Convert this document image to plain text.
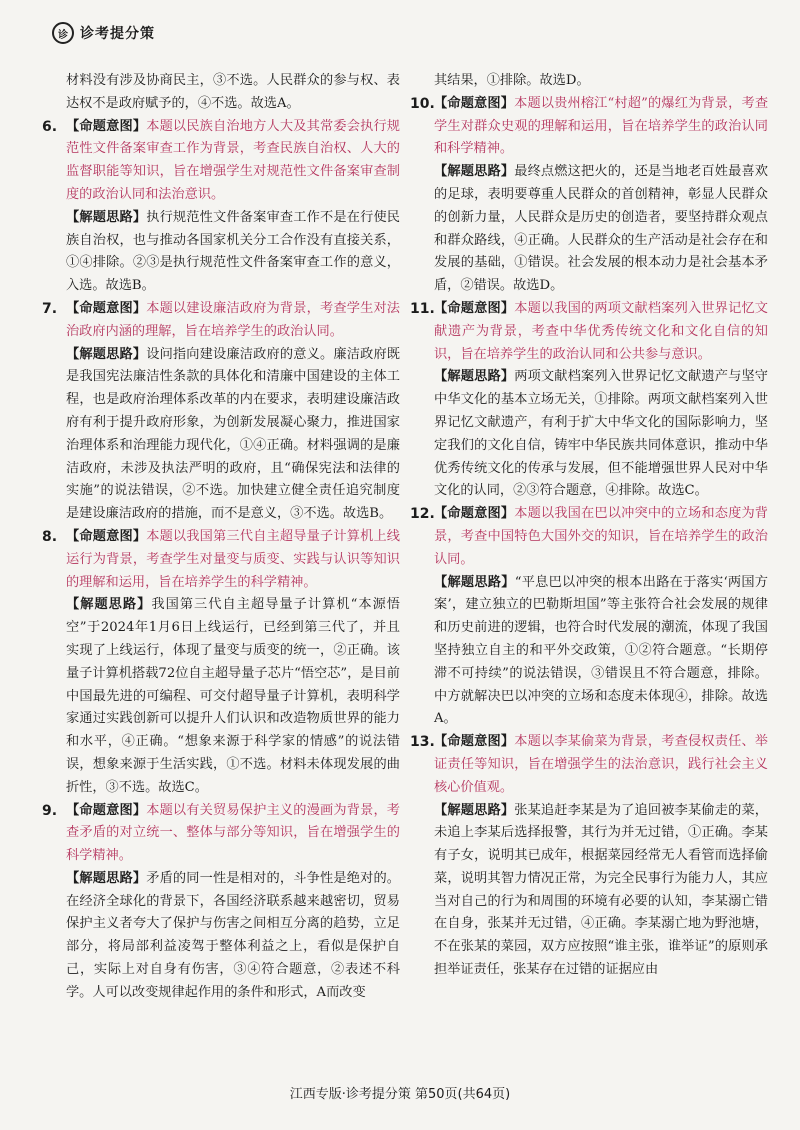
诊 诊考提分策

材料没有涉及协商民主，③不选。人民群众的参与权、表达权不是政府赋予的，④不选。故选A。

6. 【命题意图】本题以民族自治地方人大及其常委会执行规范性文件备案审查工作为背景，考查民族自治权、人大的监督职能等知识，旨在增强学生对规范性文件备案审查制度的政治认同和法治意识。

【解题思路】执行规范性文件备案审查工作不是在行使民族自治权，也与推动各国家机关分工合作没有直接关系，①④排除。②③是执行规范性文件备案审查工作的意义，入选。故选B。

7. 【命题意图】本题以建设廉洁政府为背景，考查学生对法治政府内涵的理解，旨在培养学生的政治认同。

【解题思路】设问指向建设廉洁政府的意义。廉洁政府既是我国宪法廉洁性条款的具体化和清廉中国建设的主体工程，也是政府治理体系改革的内在要求，表明建设廉洁政府有利于提升政府形象，为创新发展凝心聚力，推进国家治理体系和治理能力现代化，①④正确。材料强调的是廉洁政府，未涉及执法严明的政府，且“确保宪法和法律的实施”的说法错误，②不选。加快建立健全责任追究制度是建设廉洁政府的措施，而不是意义，③不选。故选B。

8. 【命题意图】本题以我国第三代自主超导量子计算机上线运行为背景，考查学生对量变与质变、实践与认识等知识的理解和运用，旨在培养学生的科学精神。

【解题思路】我国第三代自主超导量子计算机“本源悟空”于2024年1月6日上线运行，已经到第三代了，并且实现了上线运行，体现了量变与质变的统一，②正确。该量子计算机搭载72位自主超导量子芯片“悟空芯”，是目前中国最先进的可编程、可交付超导量子计算机，表明科学家通过实践创新可以提升人们认识和改造物质世界的能力和水平，④正确。“想象来源于科学家的情感”的说法错误，想象来源于生活实践，①不选。材料未体现发展的曲折性，③不选。故选C。

9. 【命题意图】本题以有关贸易保护主义的漫画为背景，考查矛盾的对立统一、整体与部分等知识，旨在增强学生的科学精神。

【解题思路】矛盾的同一性是相对的，斗争性是绝对的。在经济全球化的背景下，各国经济联系越来越密切，贸易保护主义者夸大了保护与伤害之间相互分离的趋势，立足部分，将局部利益凌驾于整体利益之上，看似是保护自己，实际上对自身有伤害，③④符合题意，②表述不科学。人可以改变规律起作用的条件和形式，A而改变

其结果，①排除。故选D。

10. 【命题意图】本题以贵州榕江“村超”的爆红为背景，考查学生对群众史观的理解和运用，旨在培养学生的政治认同和科学精神。

【解题思路】最终点燃这把火的，还是当地老百姓最喜欢的足球，表明要尊重人民群众的首创精神，彰显人民群众的创新力量，人民群众是历史的创造者，要坚持群众观点和群众路线，④正确。人民群众的生产活动是社会存在和发展的基础，①错误。社会发展的根本动力是社会基本矛盾，②错误。故选D。

11. 【命题意图】本题以我国的两项文献档案列入世界记忆文献遗产为背景，考查中华优秀传统文化和文化自信的知识，旨在培养学生的政治认同和公共参与意识。

【解题思路】两项文献档案列入世界记忆文献遗产与坚守中华文化的基本立场无关，①排除。两项文献档案列入世界记忆文献遗产，有利于扩大中华文化的国际影响力，坚定我们的文化自信，铸牢中华民族共同体意识，推动中华优秀传统文化的传承与发展，但不能增强世界人民对中华文化的认同，②③符合题意，④排除。故选C。

12. 【命题意图】本题以我国在巴以冲突中的立场和态度为背景，考查中国特色大国外交的知识，旨在培养学生的政治认同。

【解题思路】“平息巴以冲突的根本出路在于落实‘两国方案’，建立独立的巴勒斯坦国”等主张符合社会发展的规律和历史前进的逻辑，也符合时代发展的潮流，体现了我国坚持独立自主的和平外交政策，①②符合题意。“长期停滞不可持续”的说法错误，③错误且不符合题意，排除。中方就解决巴以冲突的立场和态度未体现④，排除。故选A。

13. 【命题意图】本题以李某偷菜为背景，考查侵权责任、举证责任等知识，旨在增强学生的法治意识，践行社会主义核心价值观。

【解题思路】张某追赶李某是为了追回被李某偷走的菜，未追上李某后选择报警，其行为并无过错，①正确。李某有子女，说明其已成年，根据菜园经常无人看管而选择偷菜，说明其智力情况正常，为完全民事行为能力人，其应当对自己的行为和周围的环境有必要的认知，李某溺亡错在自身，张某并无过错，④正确。李某溺亡地为野池塘，不在张某的菜园，双方应按照“谁主张，谁举证”的原则承担举证责任，张某存在过错的证据应由

江西专版·诊考提分策 第50页(共64页)
